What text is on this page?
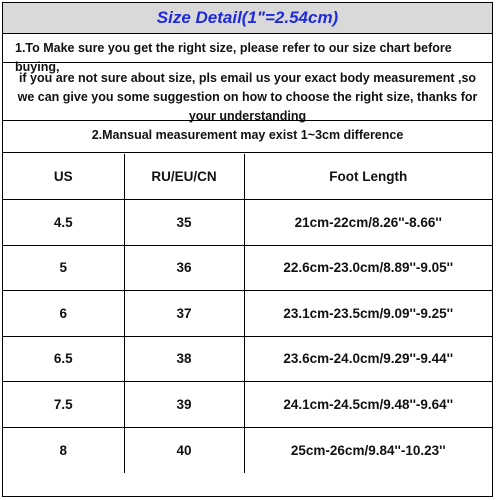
Size Detail(1"=2.54cm)
1.To Make sure you get the right size, please refer to our size chart before buying,
if you are not sure about size, pls email us your exact body measurement ,so we can give you some suggestion on how to choose the right size, thanks for your understanding
2.Mansual measurement may exist 1~3cm difference
US	RU/EU/CN	Foot Length
4.5	35	21cm-22cm/8.26''-8.66''
5	36	22.6cm-23.0cm/8.89''-9.05''
6	37	23.1cm-23.5cm/9.09''-9.25''
6.5	38	23.6cm-24.0cm/9.29''-9.44''
7.5	39	24.1cm-24.5cm/9.48''-9.64''
8	40	25cm-26cm/9.84''-10.23''
